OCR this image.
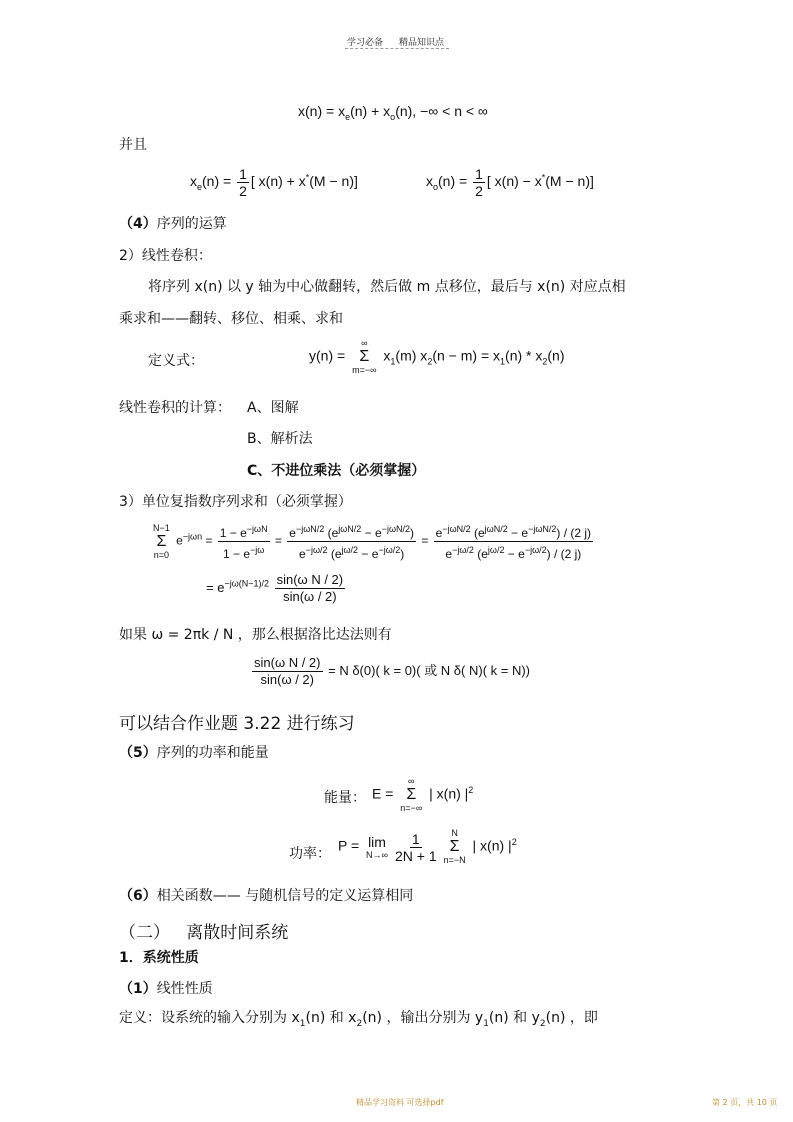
学习必备 精品知识点
$x(n) = x_e(n) + x_o(n)$, −∞ < n < ∞
并且
$x_e(n) = \frac{1}{2}$ [ x(n) + x*(M − n)]	$x_o(n) = \frac{1}{2}$ [ x(n) − x*(M − n)]
（4）序列的运算
2）线性卷积：
将序列 x(n) 以 y 轴为中心做翻转，然后做 m 点移位，最后与 x(n) 对应点相
乘求和——翻转、移位、相乘、求和
定义式：	y(n) =
∞
Σ
m=−∞
$x_1(m) x_2(n - m) = x_1(n) * x_2(n)$
线性卷积的计算： A、图解
B、解析法
C、不进位乘法（必须掌握）
3）单位复指数序列求和（必须掌握）
N−1
Σ
n=0
$e^{-j\omega n} = \frac{1 - e^{-j\omega N}}{1 - e^{-j\omega}} = \frac{e^{-j\omega N/2} (e^{j\omega N/2} - e^{-j\omega N/2})}{e^{-j\omega/2} (e^{j\omega/2} - e^{-j\omega/2})} = \frac{e^{-j\omega N/2} (e^{j\omega N/2} - e^{-j\omega N/2}) / (2 j)}{e^{-j\omega/2} (e^{j\omega/2} - e^{-j\omega/2}) / (2 j)}$
= $e^{-j\omega(N-1)/2} \frac{\text{sin(ω N / 2)}}{\sin(\omega / 2)}$
如果 ω = 2πk / N ，那么根据洛比达法则有
$\frac{\text{sin(ω N / 2)}}{\sin(\omega / 2)} = N$ δ(0)( k = 0)( 或 N δ( N)( k = N))
可以结合作业题 3.22 进行练习
（5）序列的功率和能量
能量： E =
∞
Σ
n=−∞
| x(n) $|^2$
功率：
P = lim
$N\to\infty \frac{1}{2N + 1}$ N
Σ
n=−N
| x(n) $|^2$
（6）相关函数—— 与随机信号的定义运算相同
（二） 离散时间系统
1．系统性质
（1）线性性质
定义：设系统的输入分别为 $x_1(n)$ 和 $x_2(n)$ ，输出分别为 $y_1(n)$ 和 $y_2(n)$ ，即
精品学习资料 可选择pdf	第 2 页，共 10 页
